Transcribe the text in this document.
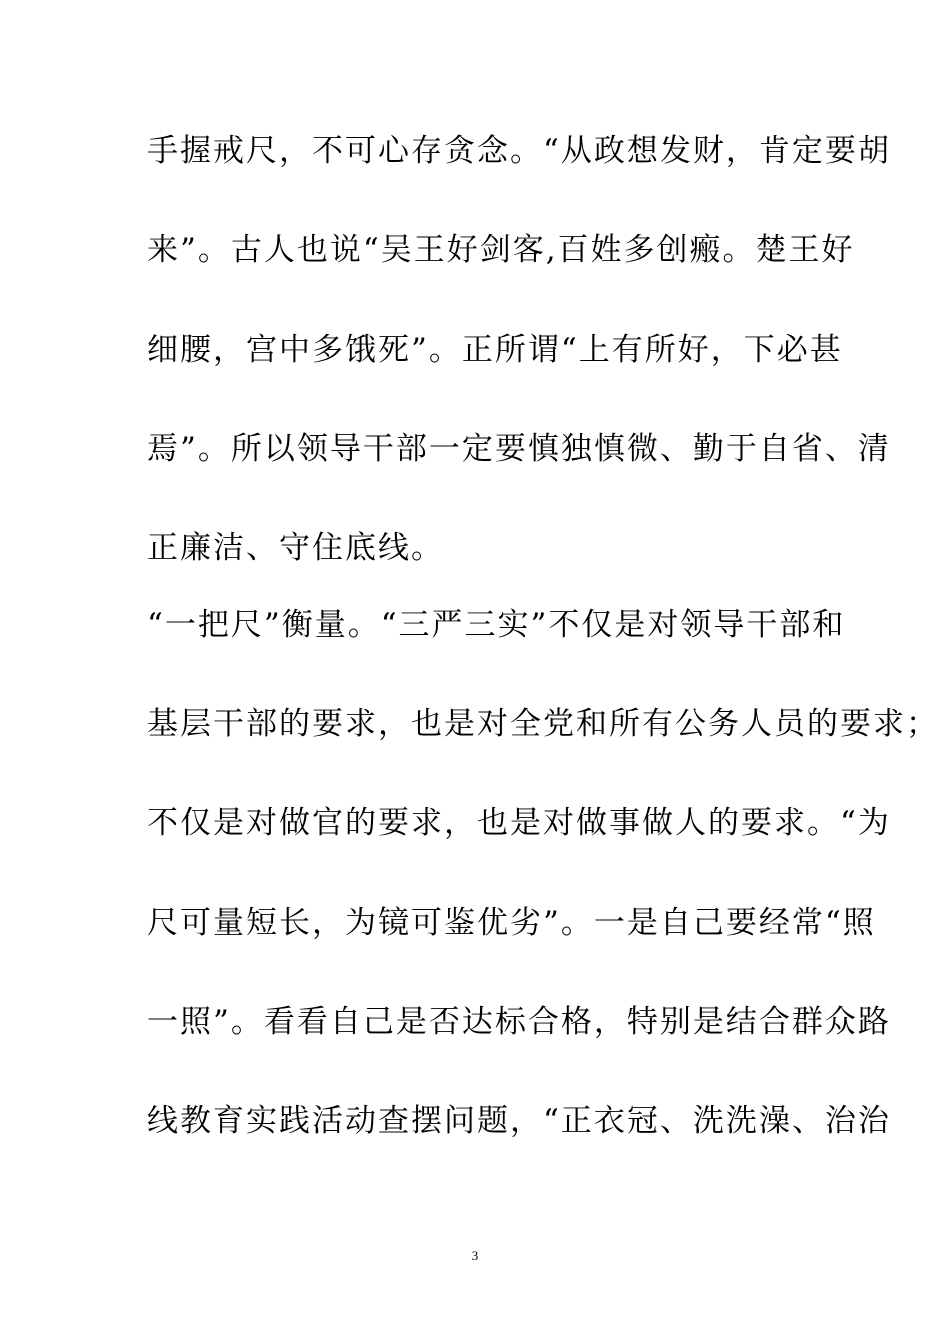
手握戒尺，不可心存贪念。“从政想发财，肯定要胡
来”。古人也说“吴王好剑客,百姓多创瘢。楚王好
细腰，宫中多饿死”。正所谓“上有所好，下必甚
焉”。所以领导干部一定要慎独慎微、勤于自省、清
正廉洁、守住底线。
“一把尺”衡量。“三严三实”不仅是对领导干部和
基层干部的要求，也是对全党和所有公务人员的要求；
不仅是对做官的要求，也是对做事做人的要求。“为
尺可量短长，为镜可鉴优劣”。一是自己要经常“照
一照”。看看自己是否达标合格，特别是结合群众路
线教育实践活动查摆问题，“正衣冠、洗洗澡、治治
3
